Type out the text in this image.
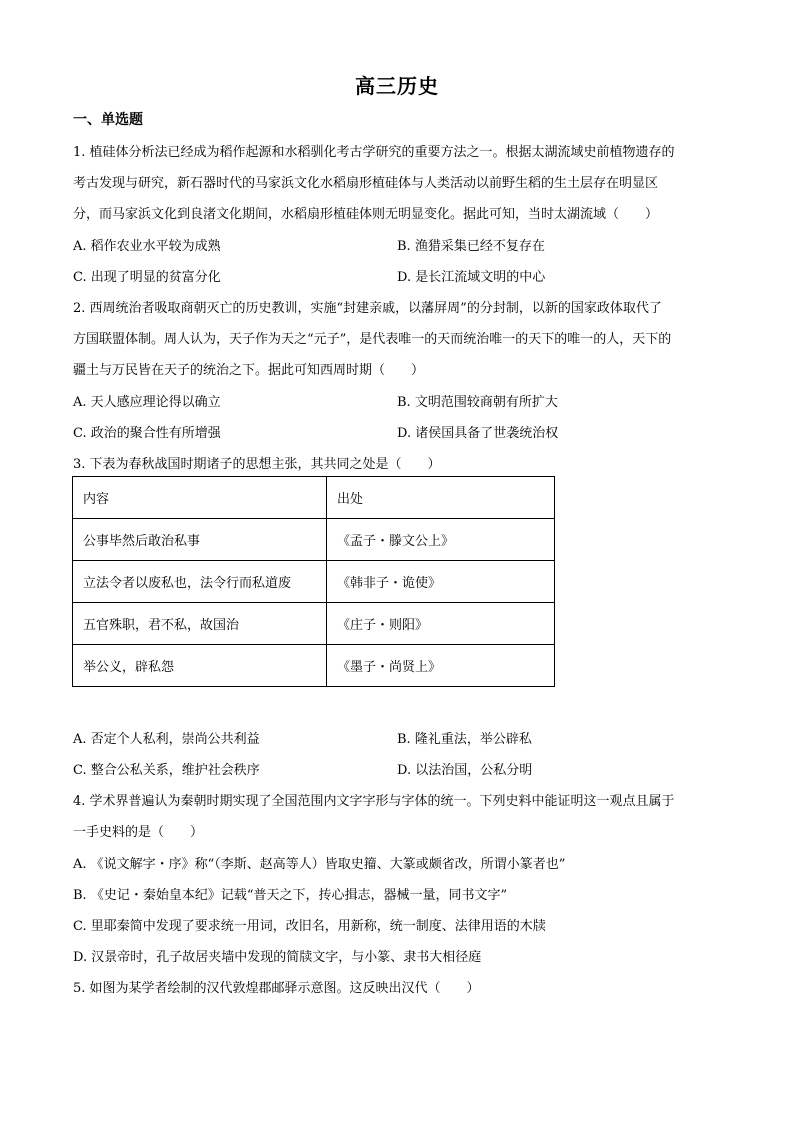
高三历史
一、单选题
1. 植硅体分析法已经成为稻作起源和水稻驯化考古学研究的重要方法之一。根据太湖流域史前植物遗存的
考古发现与研究，新石器时代的马家浜文化水稻扇形植硅体与人类活动以前野生稻的生土层存在明显区
分，而马家浜文化到良渚文化期间，水稻扇形植硅体则无明显变化。据此可知，当时太湖流域（　　）
A. 稻作农业水平较为成熟	B. 渔猎采集已经不复存在
C. 出现了明显的贫富分化	D. 是长江流域文明的中心
2. 西周统治者吸取商朝灭亡的历史教训，实施“封建亲戚，以藩屏周”的分封制，以新的国家政体取代了
方国联盟体制。周人认为，天子作为天之“元子”，是代表唯一的天而统治唯一的天下的唯一的人，天下的
疆土与万民皆在天子的统治之下。据此可知西周时期（　　）
A. 天人感应理论得以确立	B. 文明范围较商朝有所扩大
C. 政治的聚合性有所增强	D. 诸侯国具备了世袭统治权
3. 下表为春秋战国时期诸子的思想主张，其共同之处是（　　）
内容	出处
公事毕然后敢治私事	《孟子・滕文公上》
立法令者以废私也，法令行而私道废	《韩非子・诡使》
五官殊职，君不私，故国治	《庄子・则阳》
举公义，辟私怨	《墨子・尚贤上》
A. 否定个人私利，崇尚公共利益	B. 隆礼重法，举公辟私
C. 整合公私关系，维护社会秩序	D. 以法治国，公私分明
4. 学术界普遍认为秦朝时期实现了全国范围内文字字形与字体的统一。下列史料中能证明这一观点且属于
一手史料的是（　　）
A. 《说文解字・序》称“（李斯、赵高等人）皆取史籀、大篆或颇省改，所谓小篆者也”
B. 《史记・秦始皇本纪》记载“普天之下，抟心揖志，器械一量，同书文字”
C. 里耶秦简中发现了要求统一用词，改旧名，用新称，统一制度、法律用语的木牍
D. 汉景帝时，孔子故居夹墙中发现的简牍文字，与小篆、隶书大相径庭
5. 如图为某学者绘制的汉代敦煌郡邮驿示意图。这反映出汉代（　　）
